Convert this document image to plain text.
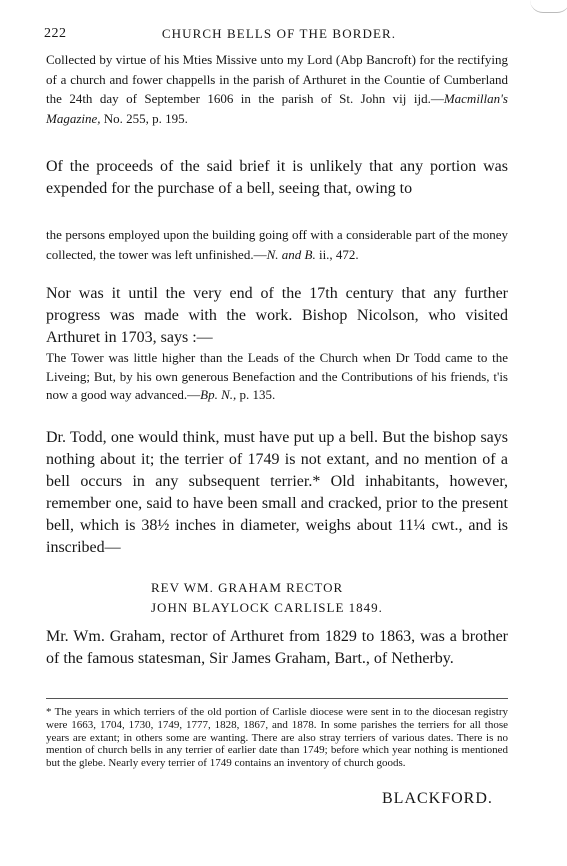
222	CHURCH BELLS OF THE BORDER.

Collected by virtue of his Mties Missive unto my Lord (Abp Bancroft) for the rectifying of a church and fower chappells in the parish of Arthuret in the Countie of Cumberland the 24th day of September 1606 in the parish of St. John vij ijd.—Macmillan's Magazine, No. 255, p. 195.

Of the proceeds of the said brief it is unlikely that any portion was expended for the purchase of a bell, seeing that, owing to

the persons employed upon the building going off with a considerable part of the money collected, the tower was left unfinished.—N. and B. ii., 472.

Nor was it until the very end of the 17th century that any further progress was made with the work. Bishop Nicolson, who visited Arthuret in 1703, says :—

The Tower was little higher than the Leads of the Church when Dr Todd came to the Liveing; But, by his own generous Benefaction and the Contributions of his friends, t'is now a good way advanced.—Bp. N., p. 135.

Dr. Todd, one would think, must have put up a bell. But the bishop says nothing about it; the terrier of 1749 is not extant, and no mention of a bell occurs in any subsequent terrier.* Old inhabitants, however, remember one, said to have been small and cracked, prior to the present bell, which is 38½ inches in diameter, weighs about 11¼ cwt., and is inscribed—

REV WM. GRAHAM RECTOR
JOHN BLAYLOCK CARLISLE 1849.

Mr. Wm. Graham, rector of Arthuret from 1829 to 1863, was a brother of the famous statesman, Sir James Graham, Bart., of Netherby.

* The years in which terriers of the old portion of Carlisle diocese were sent in to the diocesan registry were 1663, 1704, 1730, 1749, 1777, 1828, 1867, and 1878. In some parishes the terriers for all those years are extant; in others some are wanting. There are also stray terriers of various dates. There is no mention of church bells in any terrier of earlier date than 1749; before which year nothing is mentioned but the glebe. Nearly every terrier of 1749 contains an inventory of church goods.

BLACKFORD.
